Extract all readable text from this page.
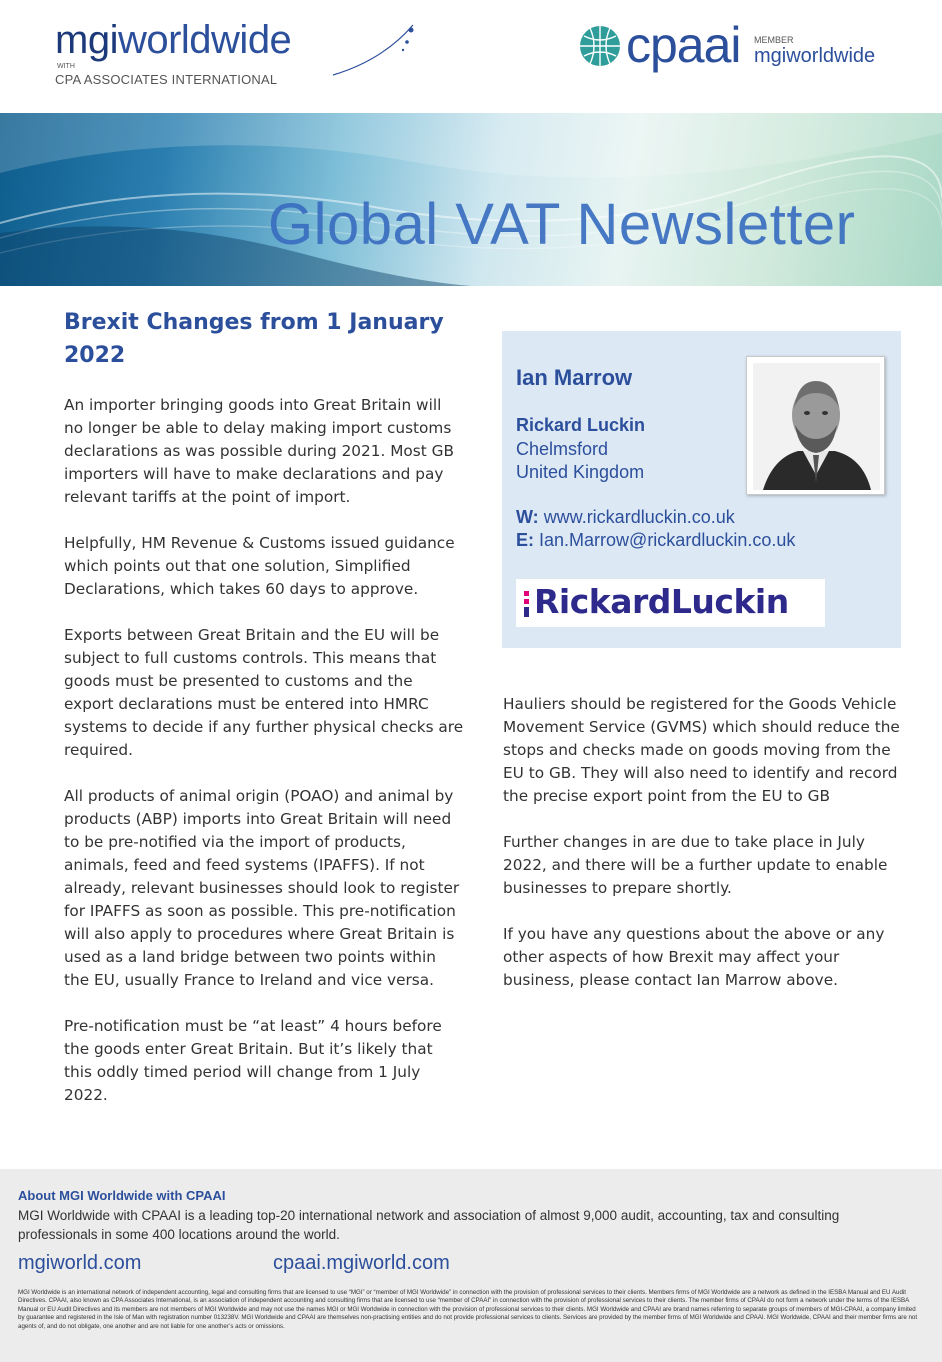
mgiworldwide
WITH
CPA ASSOCIATES INTERNATIONAL
cpaai MEMBER
mgiworldwide
Global VAT Newsletter
Brexit Changes from 1 January 2022

An importer bringing goods into Great Britain will no longer be able to delay making import customs declarations as was possible during 2021. Most GB importers will have to make declarations and pay relevant tariffs at the point of import.

Helpfully, HM Revenue & Customs issued guidance which points out that one solution, Simplified Declarations, which takes 60 days to approve.

Exports between Great Britain and the EU will be subject to full customs controls. This means that goods must be presented to customs and the export declarations must be entered into HMRC systems to decide if any further physical checks are required.

All products of animal origin (POAO) and animal by products (ABP) imports into Great Britain will need to be pre-notified via the import of products, animals, feed and feed systems (IPAFFS). If not already, relevant businesses should look to register for IPAFFS as soon as possible. This pre-notification will also apply to procedures where Great Britain is used as a land bridge between two points within the EU, usually France to Ireland and vice versa.

Pre-notification must be “at least” 4 hours before the goods enter Great Britain. But it’s likely that this oddly timed period will change from 1 July 2022.

Ian Marrow
Rickard Luckin
Chelmsford
United Kingdom
W: www.rickardluckin.co.uk
E: Ian.Marrow@rickardluckin.co.uk
RickardLuckin

Hauliers should be registered for the Goods Vehicle Movement Service (GVMS) which should reduce the stops and checks made on goods moving from the EU to GB. They will also need to identify and record the precise export point from the EU to GB

Further changes in are due to take place in July 2022, and there will be a further update to enable businesses to prepare shortly.

If you have any questions about the above or any other aspects of how Brexit may affect your business, please contact Ian Marrow above.

About MGI Worldwide with CPAAI
MGI Worldwide with CPAAI is a leading top-20 international network and association of almost 9,000 audit, accounting, tax and consulting professionals in some 400 locations around the world.
mgiworld.com	cpaai.mgiworld.com
MGI Worldwide is an international network of independent accounting, legal and consulting firms that are licensed to use “MGI” or “member of MGI Worldwide” in connection with the provision of professional services to their clients. Members firms of MGI Worldwide are a network as defined in the IESBA Manual and EU Audit Directives. CPAAI, also known as CPA Associates International, is an association of independent accounting and consulting firms that are licensed to use “member of CPAAI” in connection with the provision of professional services to their clients. The member firms of CPAAI do not form a network under the terms of the IESBA Manual or EU Audit Directives and its members are not members of MGI Worldwide and may not use the names MGI or MGI Worldwide in connection with the provision of professional services to their clients. MGI Worldwide and CPAAI are brand names referring to separate groups of members of MGI-CPAAI, a company limited by guarantee and registered in the Isle of Man with registration number 013238V. MGI Worldwide and CPAAI are themselves non-practising entities and do not provide professional services to clients. Services are provided by the member firms of MGI Worldwide and CPAAI. MGI Worldwide, CPAAI and their member firms are not agents of, and do not obligate, one another and are not liable for one another’s acts or omissions.
